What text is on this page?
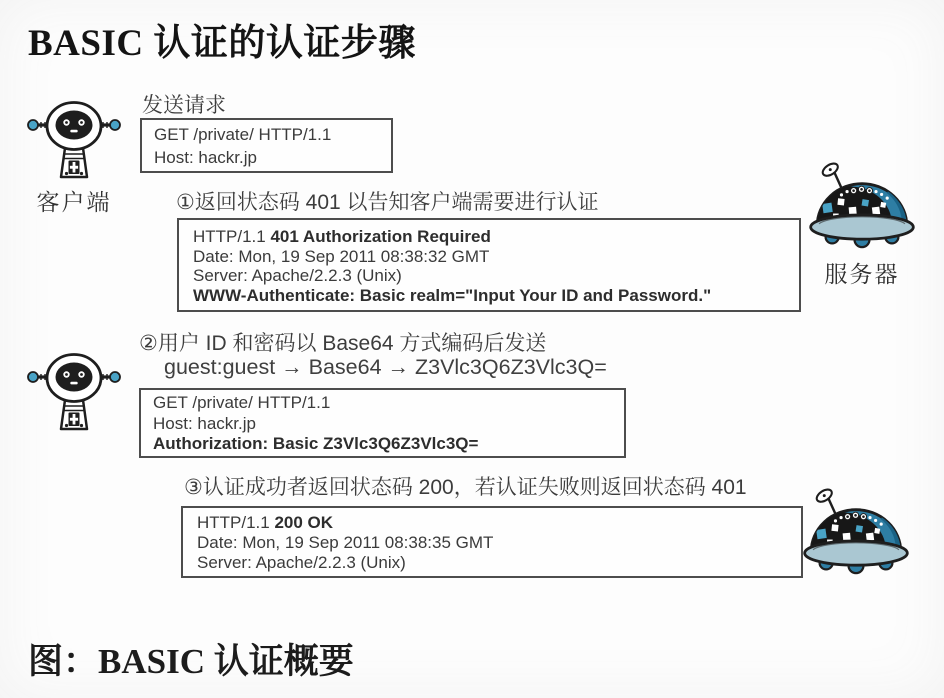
BASIC 认证的认证步骤
客户端
发送请求
GET /private/ HTTP/1.1
Host: hackr.jp
①返回状态码 401 以告知客户端需要进行认证
HTTP/1.1 401 Authorization Required
Date: Mon, 19 Sep 2011 08:38:32 GMT
Server: Apache/2.2.3 (Unix)
WWW-Authenticate: Basic realm="Input Your ID and Password."
服务器
②用户 ID 和密码以 Base64 方式编码后发送
guest:guest → Base64 → Z3Vlc3Q6Z3Vlc3Q=
GET /private/ HTTP/1.1
Host: hackr.jp
Authorization: Basic Z3Vlc3Q6Z3Vlc3Q=
③认证成功者返回状态码 200，若认证失败则返回状态码 401
HTTP/1.1 200 OK
Date: Mon, 19 Sep 2011 08:38:35 GMT
Server: Apache/2.2.3 (Unix)
图：BASIC 认证概要
